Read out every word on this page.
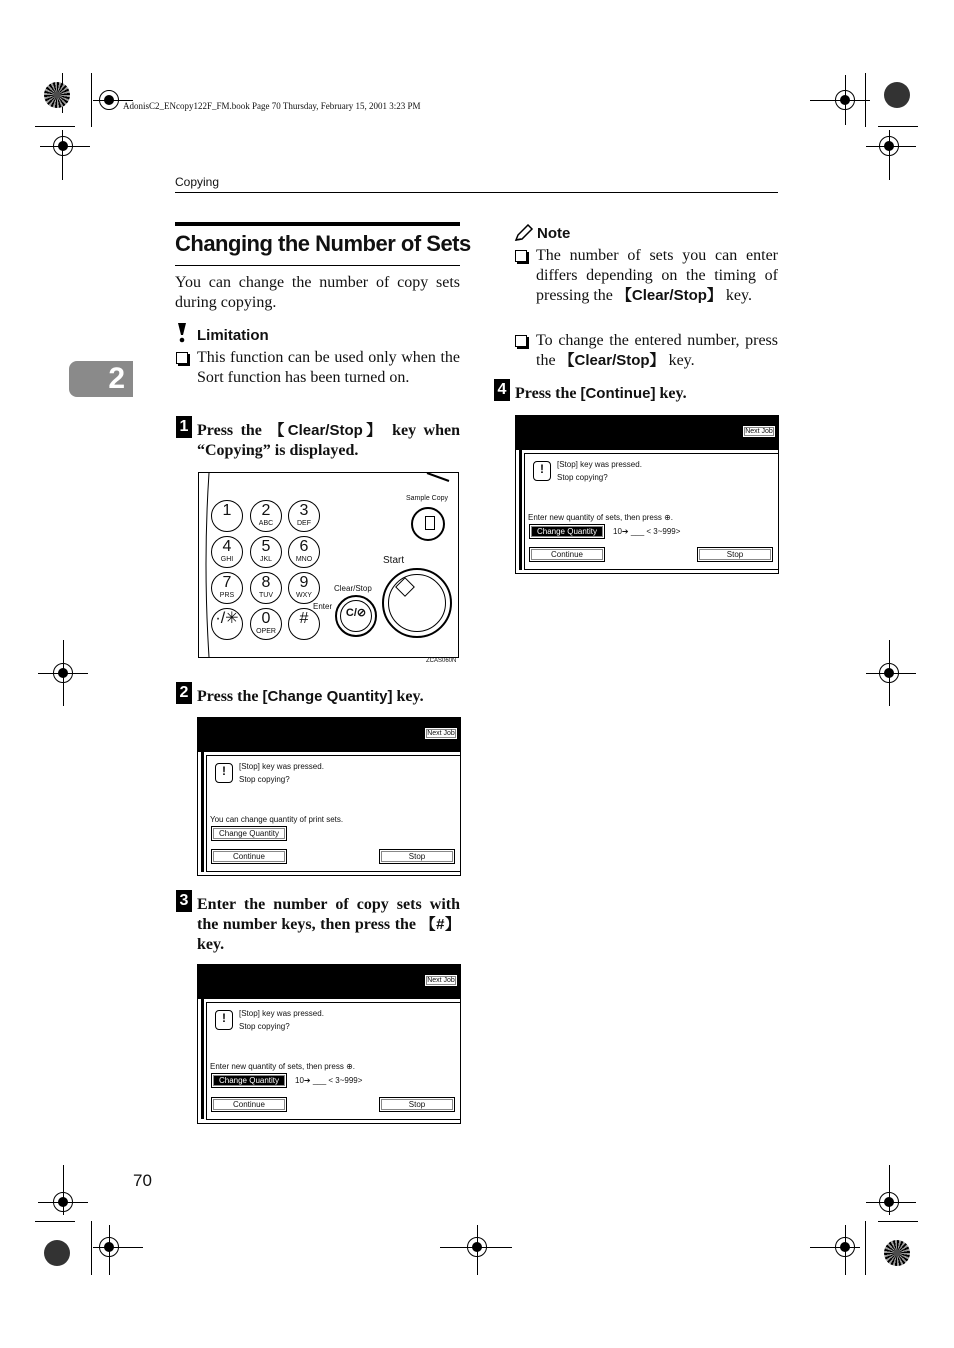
AdonisC2_ENcopy122F_FM.book Page 70 Thursday, February 15, 2001 3:23 PM
Copying
2
Changing the Number of Sets
You can change the number of copy sets during copying.
Limitation
This function can be used only when the Sort function has been turned on.
1 Press the 【Clear/Stop】 key when “Copying” is displayed.
1	2
ABC
3
DEF
4
GHI
5
JKL
6
MNO
7
PRS
8
TUV
9
WXY
·/✳	0
OPER
#
Sample Copy
Start
Clear/Stop
C/⊘
Enter
ZCAS060N
2 Press the [Change Quantity] key.
Next Job
!	[Stop] key was pressed.
Stop copying?
You can change quantity of print sets.
Change Quantity
Continue	Stop
3 Enter the number of copy sets with the number keys, then press the 【#】 key.
Next Job
!	[Stop] key was pressed.
Stop copying?
Enter new quantity of sets, then press ⊕.
Change Quantity	10➔ ___ < 3~999>
Continue	Stop
Note
The number of sets you can enter differs depending on the timing of pressing the 【Clear/Stop】 key.
To change the entered number, press the 【Clear/Stop】 key.
4 Press the [Continue] key.
Next Job
!	[Stop] key was pressed.
Stop copying?
Enter new quantity of sets, then press ⊕.
Change Quantity	10➔ ___ < 3~999>
Continue	Stop
70
